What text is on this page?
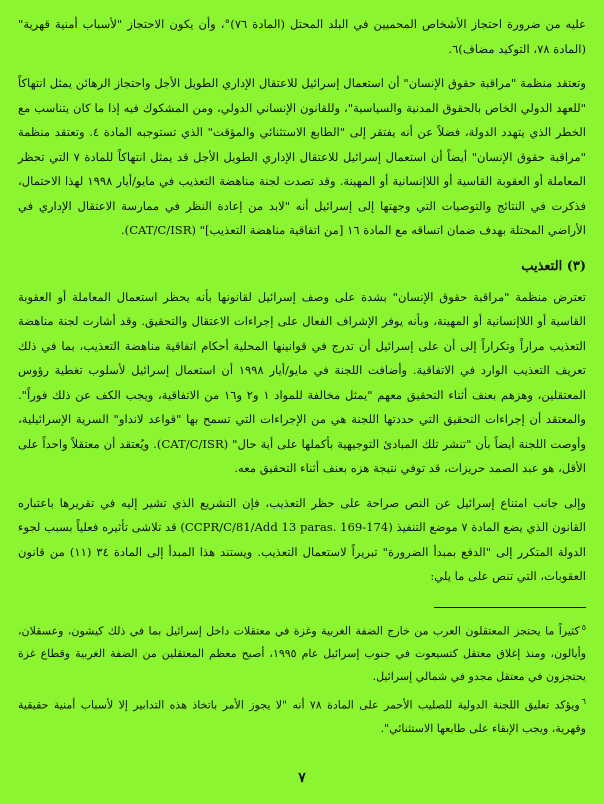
عليه من ضرورة احتجاز الأشخاص المحميين في البلد المحتل (المادة ٧٦)°، وأن يكون الاحتجاز "لأسباب أمنية قهرية" (المادة ٧٨، التوكيد مضاف)٦.

وتعتقد منظمة "مراقبة حقوق الإنسان" أن استعمال إسرائيل للاعتقال الإداري الطويل الأجل واحتجاز الرهائن يمثل انتهاكاً "للعهد الدولي الخاص بالحقوق المدنية والسياسية"، وللقانون الإنساني الدولي، ومن المشكوك فيه إذا ما كان يتناسب مع الخطر الذي يتهدد الدولة، فضلاً عن أنه يفتقر إلى "الطابع الاستثنائي والمؤقت" الذي تستوجبه المادة ٤. وتعتقد منظمة "مراقبة حقوق الإنسان" أيضاً أن استعمال إسرائيل للاعتقال الإداري الطويل الأجل قد يمثل انتهاكاً للمادة ٧ التي تحظر المعاملة أو العقوبة القاسية أو اللاإنسانية أو المهينة. وقد تصدت لجنة مناهضة التعذيب في مايو/أيار ١٩٩٨ لهذا الاحتمال، فذكرت في النتائج والتوصيات التي وجهتها إلى إسرائيل أنه "لابد من إعادة النظر في ممارسة الاعتقال الإداري في الأراضي المحتلة بهدف ضمان اتساقه مع المادة ١٦ [من اتفاقية مناهضة التعذيب]" (CAT/C/ISR).

(٣) التعذيب

تعترض منظمة "مراقبة حقوق الإنسان" بشدة على وصف إسرائيل لقانونها بأنه يحظر استعمال المعاملة أو العقوبة القاسية أو اللاإنسانية أو المهينة، وبأنه يوفر الإشراف الفعال على إجراءات الاعتقال والتحقيق. وقد أشارت لجنة مناهضة التعذيب مراراً وتكراراً إلى أن على إسرائيل أن تدرج في قوانينها المحلية أحكام اتفاقية مناهضة التعذيب، بما في ذلك تعريف التعذيب الوارد في الاتفاقية. وأضافت اللجنة في مايو/أيار ١٩٩٨ أن استعمال إسرائيل لأسلوب تغطية رؤوس المعتقلين، وهزهم بعنف أثناء التحقيق معهم "يمثل مخالفة للمواد ١ و٢ و١٦ من الاتفاقية، ويجب الكف عن ذلك فوراً". والمعتقد أن إجراءات التحقيق التي حددتها اللجنة هي من الإجراءات التي تسمح بها "قواعد لانداو" السرية الإسرائيلية، وأوصت اللجنة أيضاً بأن "تنشر تلك المبادئ التوجيهية بأكملها على أية حال" (CAT/C/ISR). ويُعتقد أن معتقلاً واحداً على الأقل، هو عبد الصمد حريزات، قد توفي نتيجة هزه بعنف أثناء التحقيق معه.

وإلى جانب امتناع إسرائيل عن النص صراحة على حظر التعذيب، فإن التشريع الذي تشير إليه في تقريرها باعتباره القانون الذي يضع المادة ٧ موضع التنفيذ (CCPR/C/81/Add 13 paras. 169-174) قد تلاشى تأثيره فعلياً بسبب لجوء الدولة المتكرر إلى "الدفع بمبدأ الضرورة" تبريراً لاستعمال التعذيب. ويستند هذا المبدأ إلى المادة ٣٤ (١١) من قانون العقوبات، التي تنص على ما يلي:

$^٥$كثيراً ما يحتجز المعتقلون العرب من خارج الضفة الغربية وغزة في معتقلات داخل إسرائيل بما في ذلك كيشون، وعسقلان، وأيالون، ومنذ إغلاق معتقل كتسيعوت في جنوب إسرائيل عام ١٩٩٥، أصبح معظم المعتقلين من الضفة الغربية وقطاع غزة يحتجزون في معتقل مجدو في شمالي إسرائيل.

$^٦$ويؤكد تعليق اللجنة الدولية للصليب الأحمر على المادة ٧٨ أنه "لا يجوز الأمر باتخاذ هذه التدابير إلا لأسباب أمنية حقيقية وقهرية، ويجب الإبقاء على طابعها الاستثنائي".

٧
